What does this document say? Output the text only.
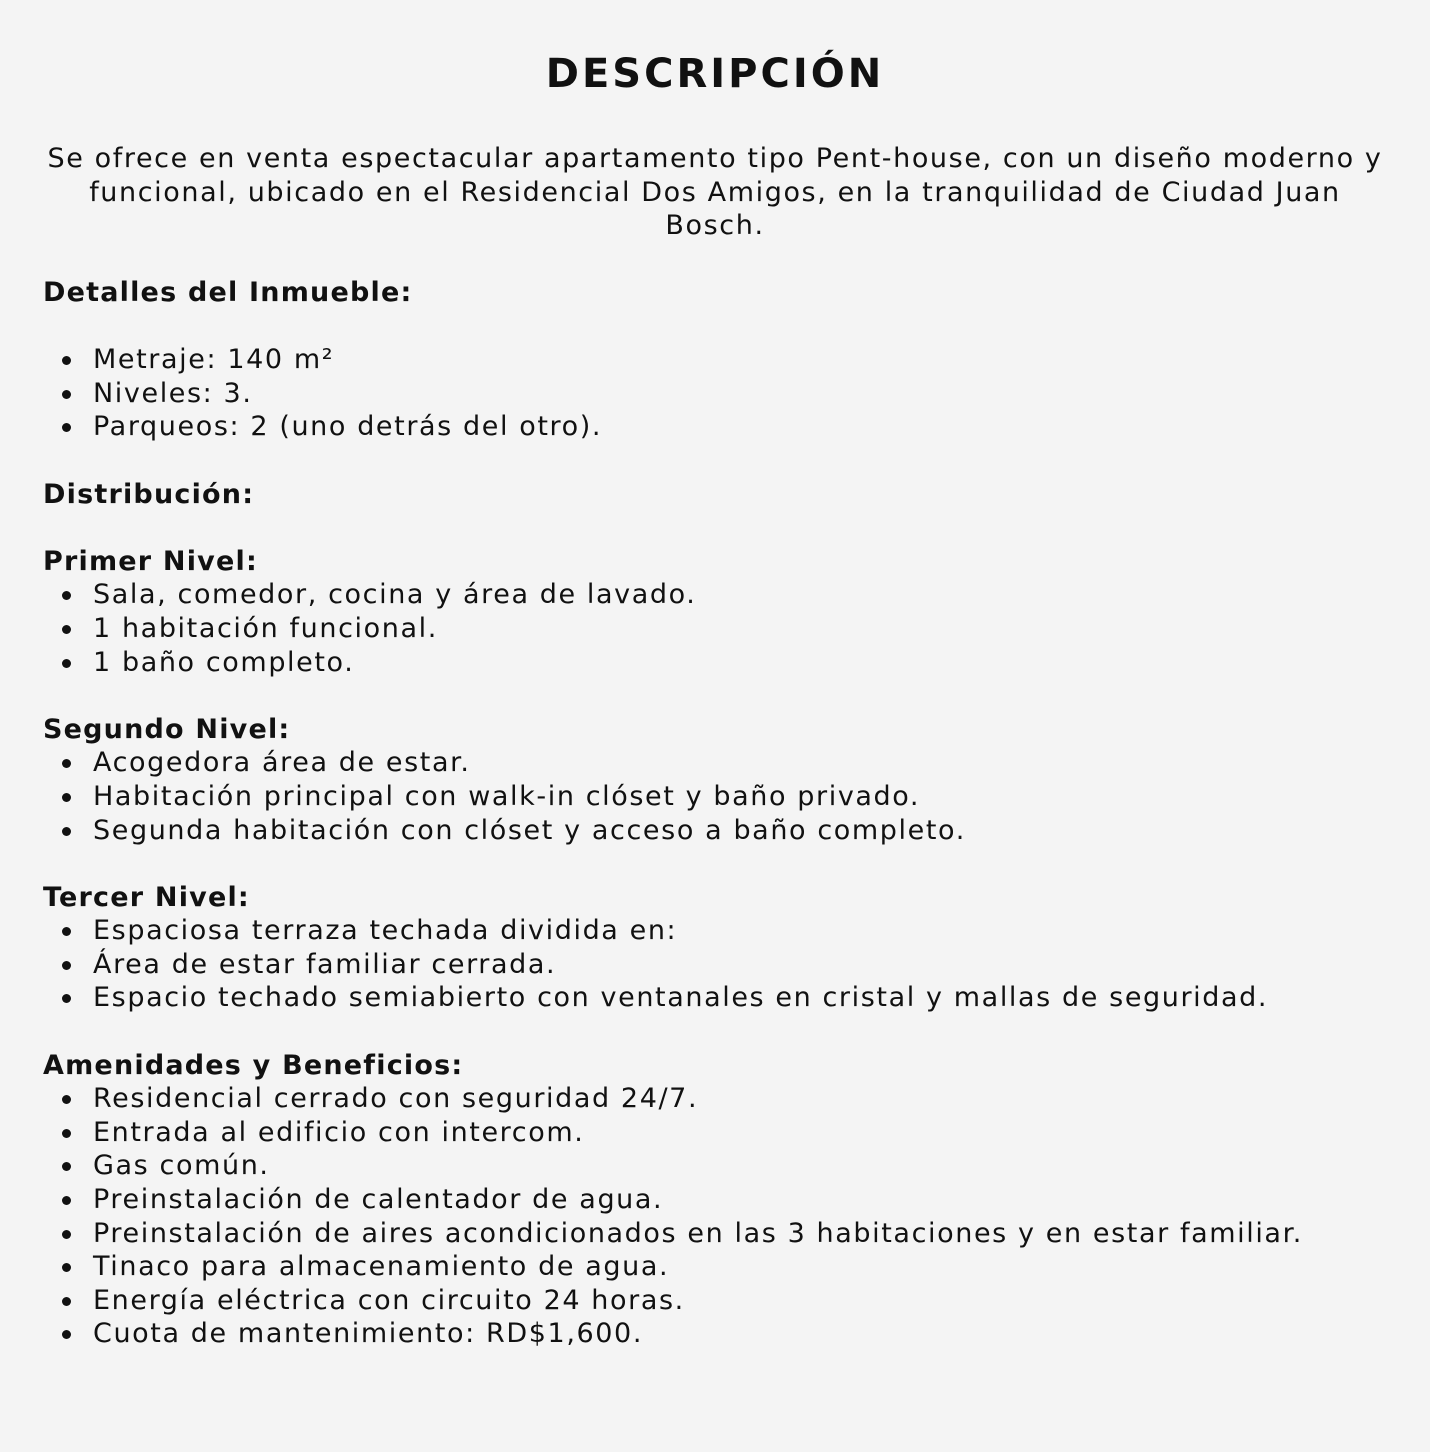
DESCRIPCIÓN

Se ofrece en venta espectacular apartamento tipo Pent-house, con un diseño moderno y funcional, ubicado en el Residencial Dos Amigos, en la tranquilidad de Ciudad Juan Bosch.

Detalles del Inmueble:

Metraje: 140 m²
Niveles: 3.
Parqueos: 2 (uno detrás del otro).

Distribución:

Primer Nivel:

Sala, comedor, cocina y área de lavado.
1 habitación funcional.
1 baño completo.

Segundo Nivel:

Acogedora área de estar.
Habitación principal con walk-in clóset y baño privado.
Segunda habitación con clóset y acceso a baño completo.

Tercer Nivel:

Espaciosa terraza techada dividida en:
Área de estar familiar cerrada.
Espacio techado semiabierto con ventanales en cristal y mallas de seguridad.

Amenidades y Beneficios:

Residencial cerrado con seguridad 24/7.
Entrada al edificio con intercom.
Gas común.
Preinstalación de calentador de agua.
Preinstalación de aires acondicionados en las 3 habitaciones y en estar familiar.
Tinaco para almacenamiento de agua.
Energía eléctrica con circuito 24 horas.
Cuota de mantenimiento: RD$1,600.
